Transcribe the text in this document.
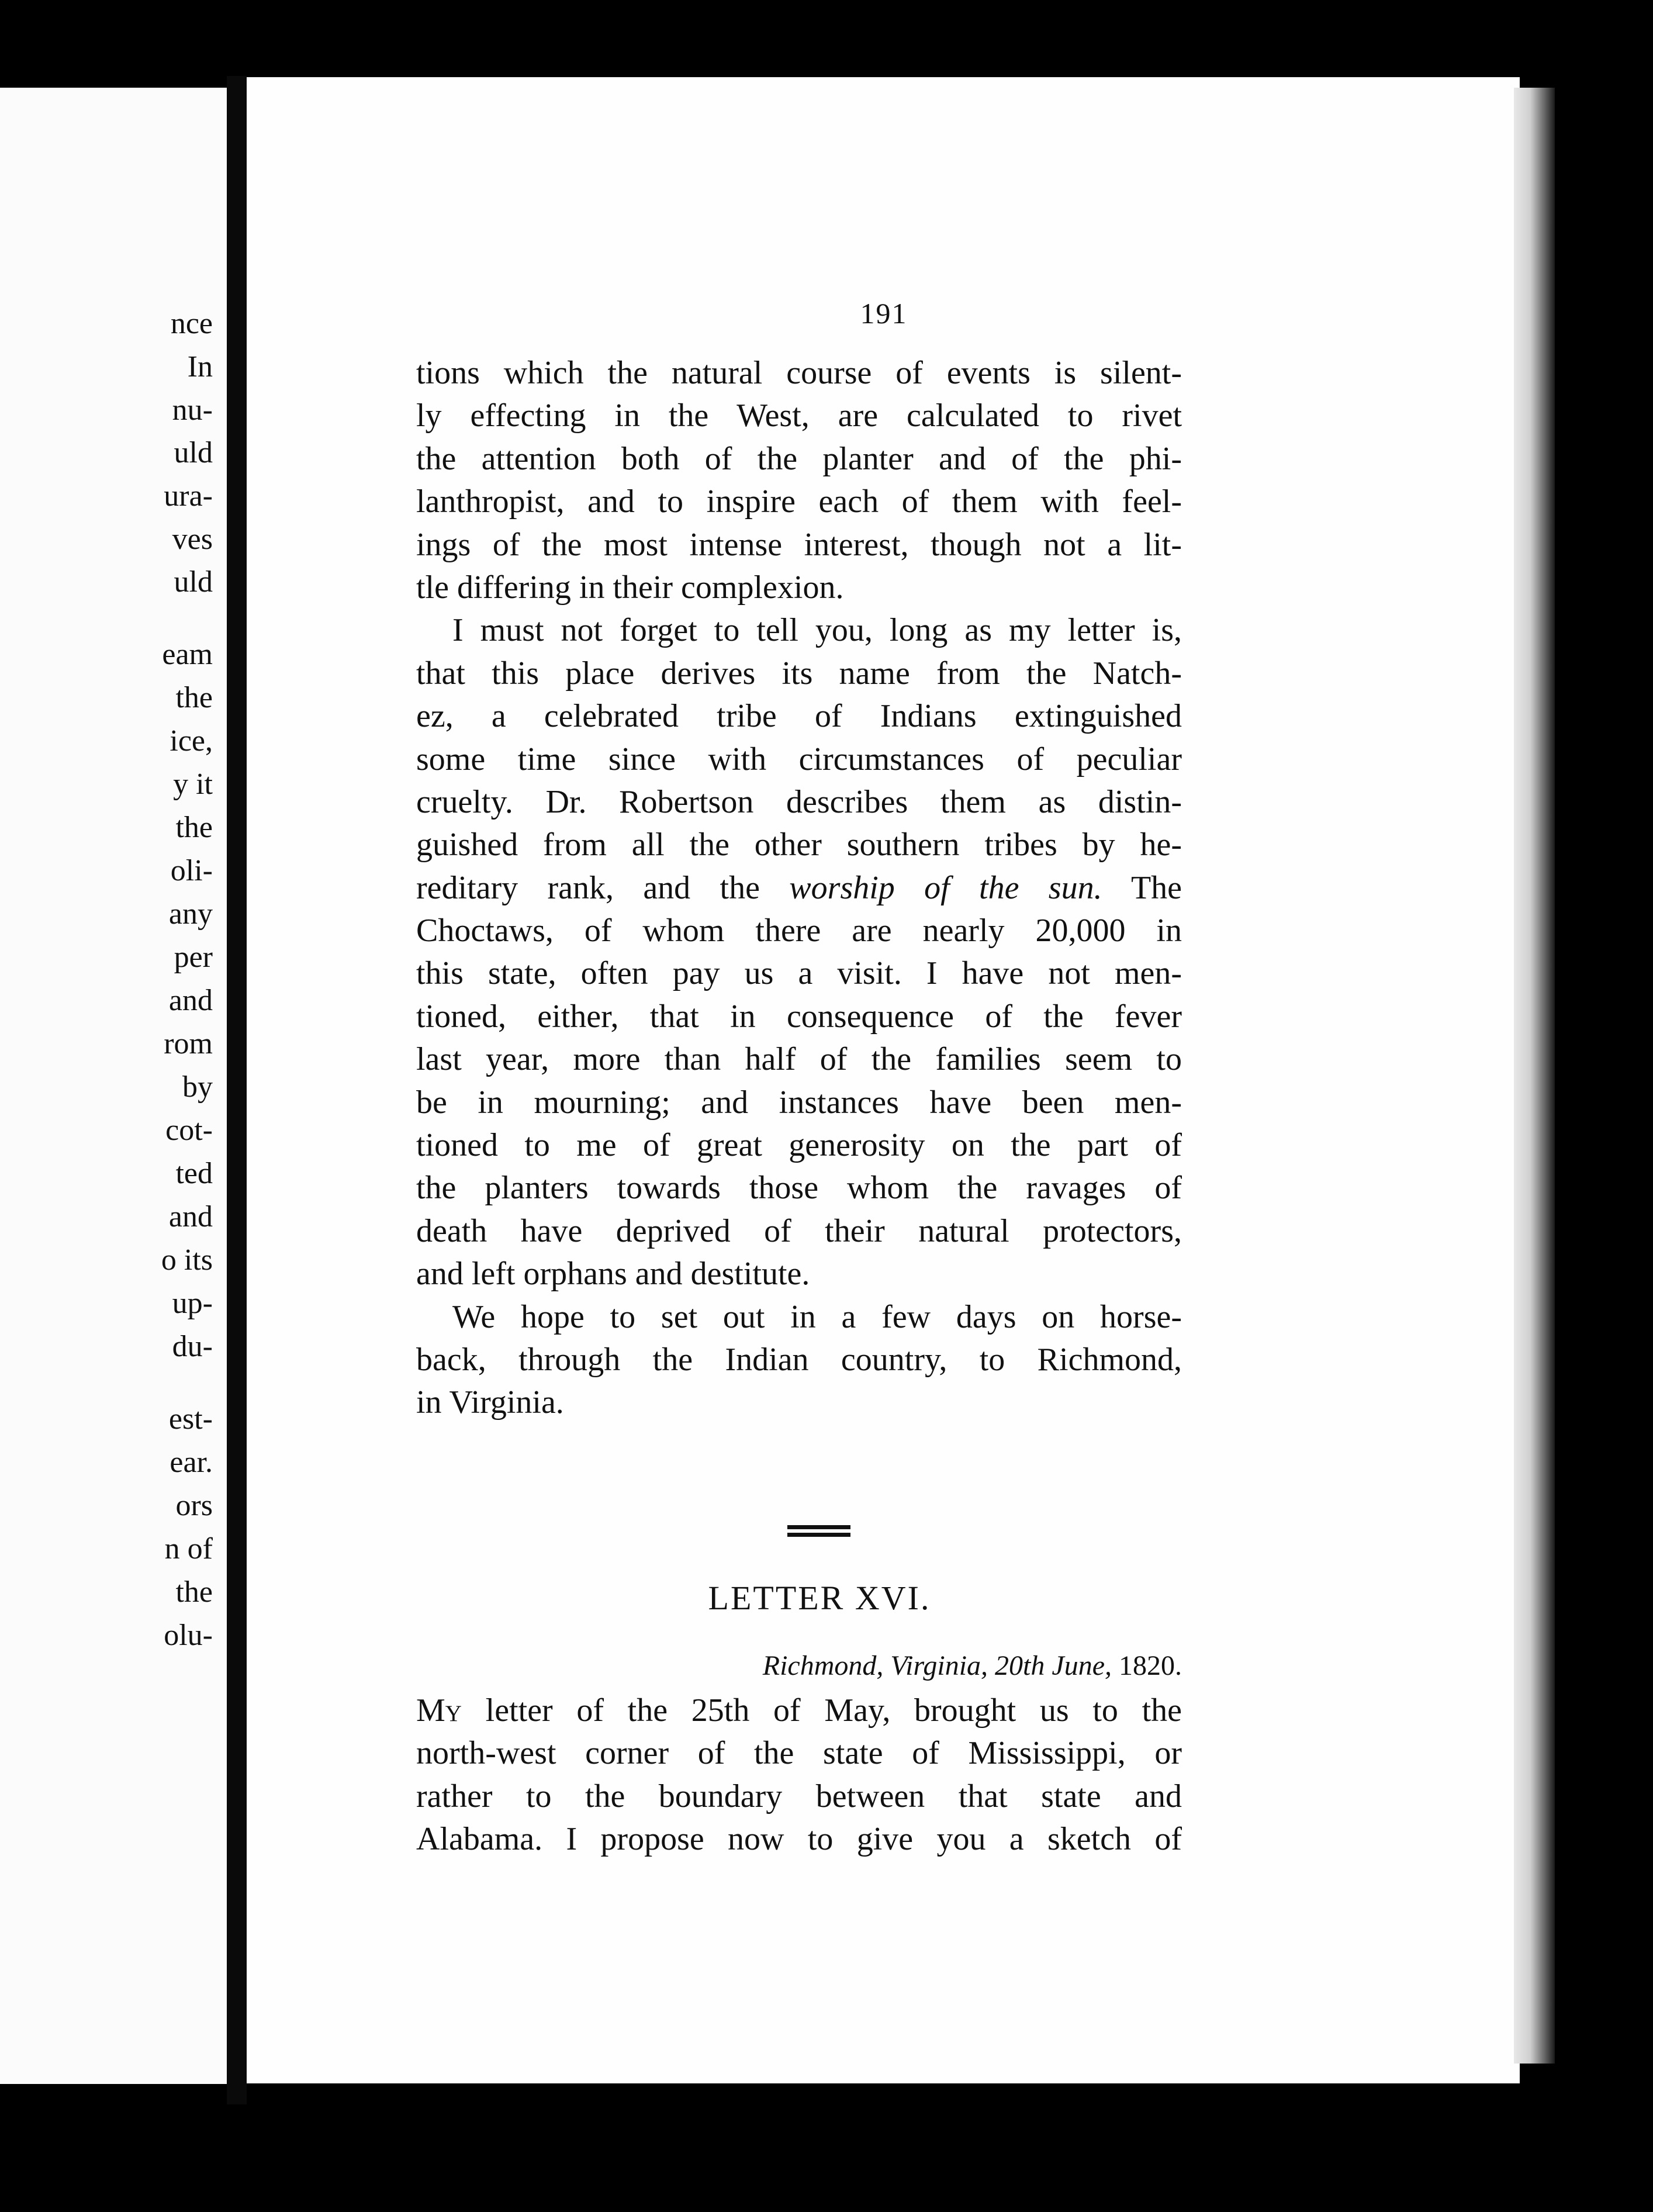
nce
In
nu-
uld
ura-
ves
uld
eam
the
ice,
y it
the
oli-
any
per
and
rom
by
cot-
ted
and
o its
up-
du-
est-
ear.
ors
n of
the
olu-
191
tions which the natural course of events is silent-
ly effecting in the West, are calculated to rivet
the attention both of the planter and of the phi-
lanthropist, and to inspire each of them with feel-
ings of the most intense interest, though not a lit-
tle differing in their complexion.
I must not forget to tell you, long as my letter is,
that this place derives its name from the Natch-
ez, a celebrated tribe of Indians extinguished
some time since with circumstances of peculiar
cruelty. Dr. Robertson describes them as distin-
guished from all the other southern tribes by he-
reditary rank, and the worship of the sun. The
Choctaws, of whom there are nearly 20,000 in
this state, often pay us a visit. I have not men-
tioned, either, that in consequence of the fever
last year, more than half of the families seem to
be in mourning; and instances have been men-
tioned to me of great generosity on the part of
the planters towards those whom the ravages of
death have deprived of their natural protectors,
and left orphans and destitute.
We hope to set out in a few days on horse-
back, through the Indian country, to Richmond,
in Virginia.
LETTER XVI.
Richmond, Virginia, 20th June, 1820.
My letter of the 25th of May, brought us to the
north-west corner of the state of Mississippi, or
rather to the boundary between that state and
Alabama. I propose now to give you a sketch of
